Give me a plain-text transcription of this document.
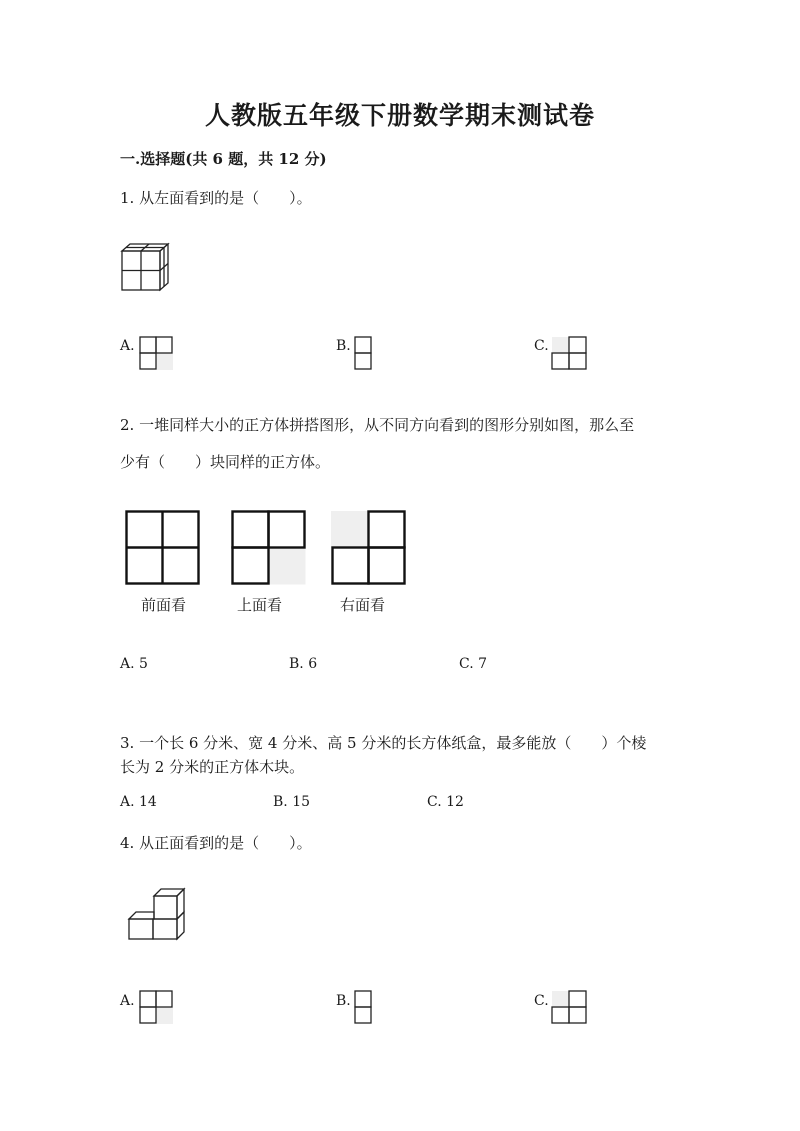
人教版五年级下册数学期末测试卷
一.选择题(共 6 题，共 12 分)
1. 从左面看到的是（　　）。
A.	B.	C.
2. 一堆同样大小的正方体拼搭图形，从不同方向看到的图形分别如图，那么至
少有（　　）块同样的正方体。
前面看	上面看	右面看
A. 5	B. 6	C. 7
3. 一个长 6 分米、宽 4 分米、高 5 分米的长方体纸盒，最多能放（　　）个棱
长为 2 分米的正方体木块。
A. 14	B. 15	C. 12
4. 从正面看到的是（　　）。
A.	B.	C.
